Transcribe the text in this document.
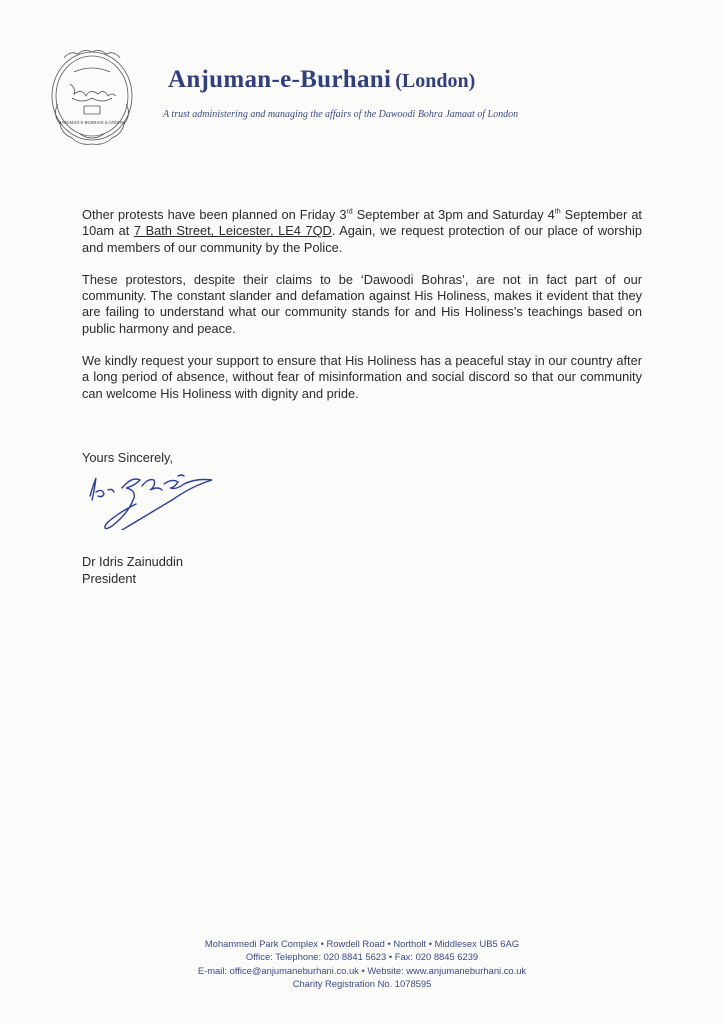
ANJUMAN-E-BURHANI (LONDON)
Anjuman-e-Burhani (London)
A trust administering and managing the affairs of the Dawoodi Bohra Jamaat of London

Other protests have been planned on Friday 3rd September at 3pm and Saturday 4th September at 10am at 7 Bath Street, Leicester, LE4 7QD. Again, we request protection of our place of worship and members of our community by the Police.

These protestors, despite their claims to be ‘Dawoodi Bohras’, are not in fact part of our community. The constant slander and defamation against His Holiness, makes it evident that they are failing to understand what our community stands for and His Holiness’s teachings based on public harmony and peace.

We kindly request your support to ensure that His Holiness has a peaceful stay in our country after a long period of absence, without fear of misinformation and social discord so that our community can welcome His Holiness with dignity and pride.

Yours Sincerely,
Dr Idris Zainuddin
President
Mohammedi Park Complex • Rowdell Road • Northolt • Middlesex UB5 6AG
Office: Telephone: 020 8841 5623 • Fax: 020 8845 6239
E-mail: office@anjumaneburhani.co.uk • Website: www.anjumaneburhani.co.uk
Charity Registration No. 1078595
